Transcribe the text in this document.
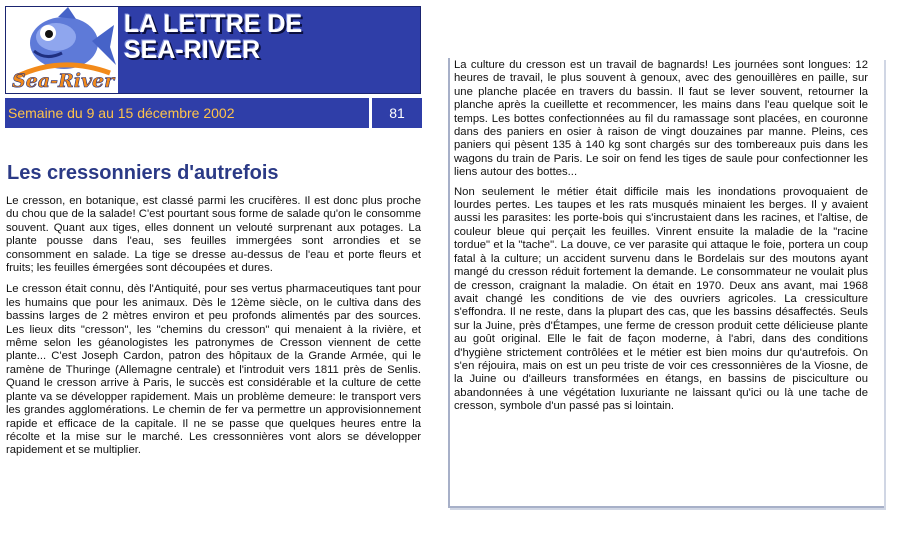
Sea-River
LA LETTRE DE
SEA-RIVER
Semaine du 9 au 15 décembre 2002	81
Les cressonniers d'autrefois

Le cresson, en botanique, est classé parmi les crucifères. Il est donc plus proche du chou que de la salade! C'est pourtant sous forme de salade qu'on le consomme souvent. Quant aux tiges, elles donnent un velouté surprenant aux potages. La plante pousse dans l'eau, ses feuilles immergées sont arrondies et se consomment en salade. La tige se dresse au-dessus de l'eau et porte fleurs et fruits; les feuilles émergées sont découpées et dures.

Le cresson était connu, dès l'Antiquité, pour ses vertus pharmaceutiques tant pour les humains que pour les animaux. Dès le 12ème siècle, on le cultiva dans des bassins larges de 2 mètres environ et peu profonds alimentés par des sources. Les lieux dits "cresson", les "chemins du cresson" qui menaient à la rivière, et même selon les géanologistes les patronymes de Cresson viennent de cette plante... C'est Joseph Cardon, patron des hôpitaux de la Grande Armée, qui le ramène de Thuringe (Allemagne centrale) et l'introduit vers 1811 près de Senlis. Quand le cresson arrive à Paris, le succès est considérable et la culture de cette plante va se développer rapidement. Mais un problème demeure: le transport vers les grandes agglomérations. Le chemin de fer va permettre un approvisionnement rapide et efficace de la capitale. Il ne se passe que quelques heures entre la récolte et la mise sur le marché. Les cressonnières vont alors se développer rapidement et se multiplier.

La culture du cresson est un travail de bagnards! Les journées sont longues: 12 heures de travail, le plus souvent à genoux, avec des genouillères en paille, sur une planche placée en travers du bassin. Il faut se lever souvent, retourner la planche après la cueillette et recommencer, les mains dans l'eau quelque soit le temps. Les bottes confectionnées au fil du ramassage sont placées, en couronne dans des paniers en osier à raison de vingt douzaines par manne. Pleins, ces paniers qui pèsent 135 à 140 kg sont chargés sur des tombereaux puis dans les wagons du train de Paris. Le soir on fend les tiges de saule pour confectionner les liens autour des bottes...

Non seulement le métier était difficile mais les inondations provoquaient de lourdes pertes. Les taupes et les rats musqués minaient les berges. Il y avaient aussi les parasites: les porte-bois qui s'incrustaient dans les racines, et l'altise, de couleur bleue qui perçait les feuilles. Vinrent ensuite la maladie de la "racine tordue" et la "tache". La douve, ce ver parasite qui attaque le foie, portera un coup fatal à la culture; un accident survenu dans le Bordelais sur des moutons ayant mangé du cresson réduit fortement la demande. Le consommateur ne voulait plus de cresson, craignant la maladie. On était en 1970. Deux ans avant, mai 1968 avait changé les conditions de vie des ouvriers agricoles. La cressiculture s'effondra. Il ne reste, dans la plupart des cas, que les bassins désaffectés. Seuls sur la Juine, près d'Étampes, une ferme de cresson produit cette délicieuse plante au goût original. Elle le fait de façon moderne, à l'abri, dans des conditions d'hygiène strictement contrôlées et le métier est bien moins dur qu'autrefois. On s'en réjouira, mais on est un peu triste de voir ces cressonnières de la Viosne, de la Juine ou d'ailleurs transformées en étangs, en bassins de pisciculture ou abandonnées à une végétation luxuriante ne laissant qu'ici ou là une tache de cresson, symbole d'un passé pas si lointain.
